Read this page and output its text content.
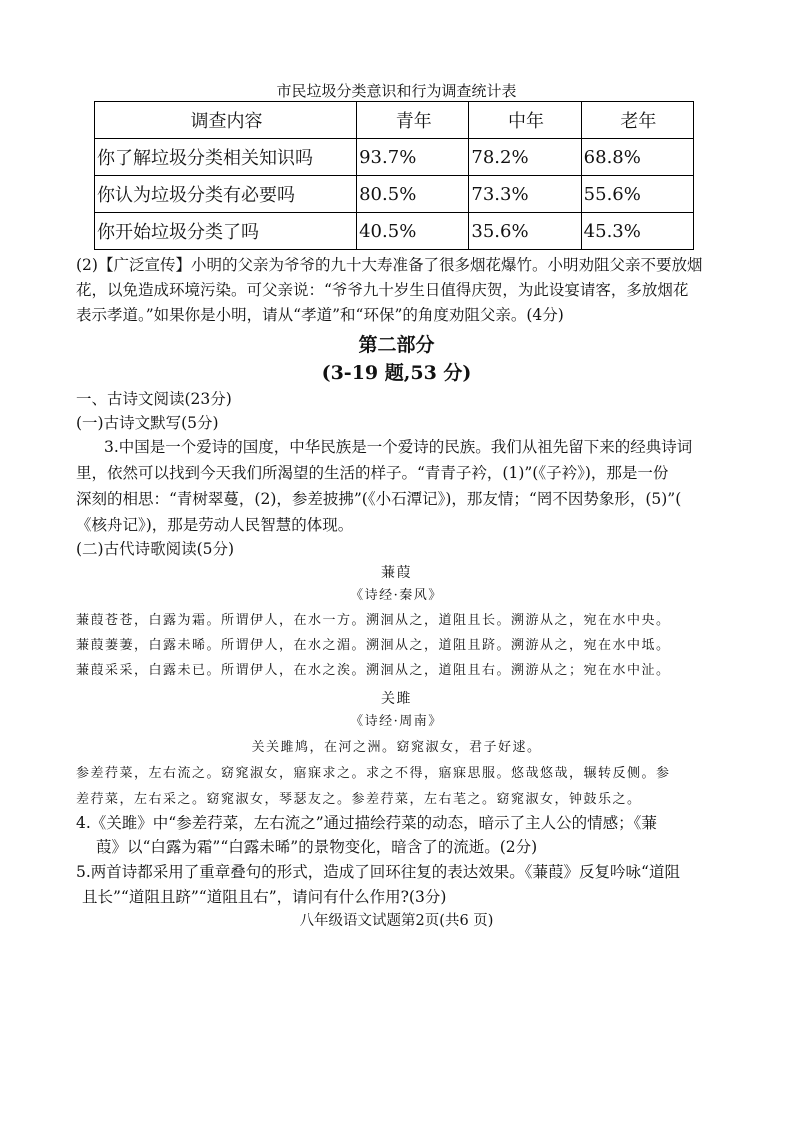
市民垃圾分类意识和行为调查统计表
调查内容	青年	中年	老年
你了解垃圾分类相关知识吗	93.7%	78.2%	68.8%
你认为垃圾分类有必要吗	80.5%	73.3%	55.6%
你开始垃圾分类了吗	40.5%	35.6%	45.3%
(2)【广泛宣传】小明的父亲为爷爷的九十大寿准备了很多烟花爆竹。小明劝阻父亲不要放烟
花，以免造成环境污染。可父亲说：“爷爷九十岁生日值得庆贺，为此设宴请客，多放烟花
表示孝道。”如果你是小明，请从“孝道”和“环保”的角度劝阻父亲。(4分)
第二部分
(3-19 题,53 分)
一、古诗文阅读(23分)
(一)古诗文默写(5分)
3.中国是一个爱诗的国度，中华民族是一个爱诗的民族。我们从祖先留下来的经典诗词
里，依然可以找到今天我们所渴望的生活的样子。“青青子衿，(1)”(《子衿》)，那是一份
深刻的相思：“青树翠蔓，(2)，参差披拂”(《小石潭记》)，那友情；“罔不因势象形，(5)”(
《核舟记》)，那是劳动人民智慧的体现。
(二)古代诗歌阅读(5分)
蒹葭
《诗经·秦风》
蒹葭苍苍，白露为霜。所谓伊人，在水一方。溯洄从之，道阻且长。溯游从之，宛在水中央。
蒹葭萋萋，白露未晞。所谓伊人，在水之湄。溯洄从之，道阻且跻。溯游从之，宛在水中坻。
蒹葭采采，白露未已。所谓伊人，在水之涘。溯洄从之，道阻且右。溯游从之；宛在水中沚。
关雎
《诗经·周南》
关关雎鸠，在河之洲。窈窕淑女，君子好逑。
参差荇菜，左右流之。窈窕淑女，寤寐求之。求之不得，寤寐思服。悠哉悠哉，辗转反侧。参
差荇菜，左右采之。窈窕淑女，琴瑟友之。参差荇菜，左右芼之。窈窕淑女，钟鼓乐之。
4.《关雎》中“参差荇菜，左右流之”通过描绘荇菜的动态，暗示了主人公的情感；《蒹
葭》以“白露为霜”“白露未晞”的景物变化，暗含了的流逝。(2分)
5.两首诗都采用了重章叠句的形式，造成了回环往复的表达效果。《蒹葭》反复吟咏“道阻
且长”“道阻且跻”“道阻且右”，请问有什么作用?(3分)
八年级语文试题第2页(共6 页)
